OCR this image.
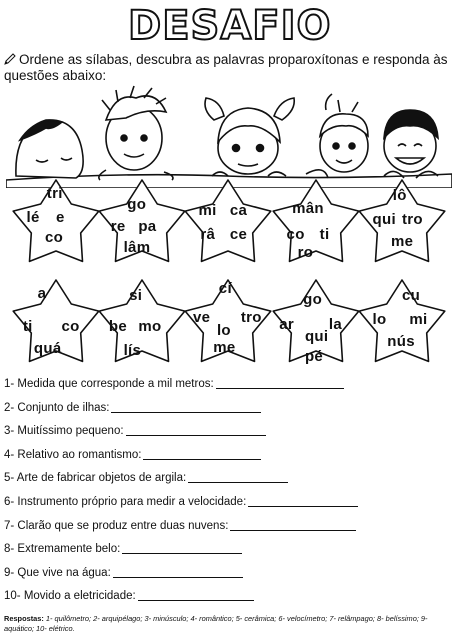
DESAFIO
Ordene as sílabas, descubra as palavras proparoxítonas e responda às questões abaixo:
tri
lé e
co
go
re pa
lâm
mi ca
râ ce
mân
co ti
ro
lô
qui tro
me
a
ti co
quá
si
be mo
lís
cí
ve tro
lo
me
go
ar
qui
la
pé
cu
lo mi
nús
1- Medida que corresponde a mil metros:
2- Conjunto de ilhas:
3- Muitíssimo pequeno:
4- Relativo ao romantismo:
5- Arte de fabricar objetos de argila:
6- Instrumento próprio para medir a velocidade:
7- Clarão que se produz entre duas nuvens:
8- Extremamente belo:
9- Que vive na água:
10- Movido a eletricidade:
Respostas: 1- quilômetro; 2- arquipélago; 3- minúsculo; 4- romântico; 5- cerâmica; 6- velocímetro; 7- relâmpago; 8- belíssimo; 9- aquático; 10- elétrico.
